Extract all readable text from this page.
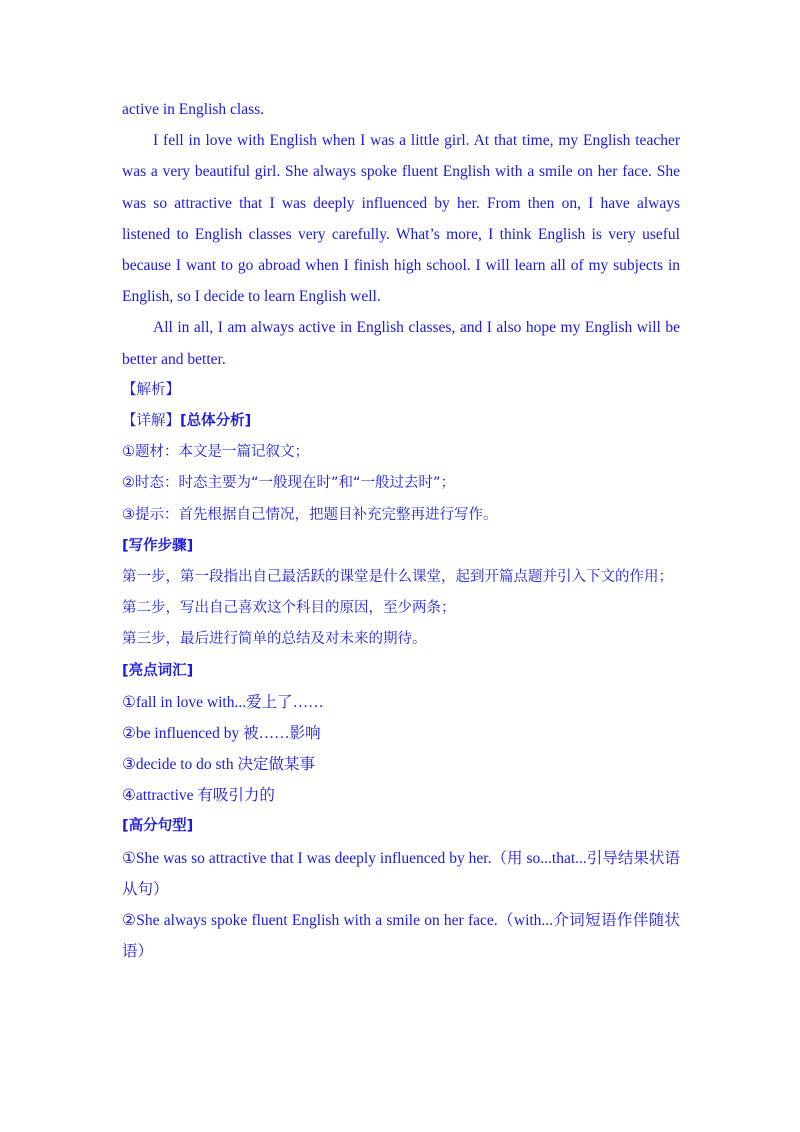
active in English class.
I fell in love with English when I was a little girl. At that time, my English teacher was a very beautiful girl. She always spoke fluent English with a smile on her face. She was so attractive that I was deeply influenced by her. From then on, I have always listened to English classes very carefully. What’s more, I think English is very useful because I want to go abroad when I finish high school. I will learn all of my subjects in English, so I decide to learn English well.
All in all, I am always active in English classes, and I also hope my English will be better and better.
【解析】
【详解】[总体分析]
①题材：本文是一篇记叙文；
②时态：时态主要为“一般现在时”和“一般过去时”；
③提示：首先根据自己情况，把题目补充完整再进行写作。
[写作步骤]
第一步，第一段指出自己最活跃的课堂是什么课堂，起到开篇点题并引入下文的作用；
第二步，写出自己喜欢这个科目的原因，至少两条；
第三步，最后进行简单的总结及对未来的期待。
[亮点词汇]
①fall in love with...爱上了……
②be influenced by 被……影响
③decide to do sth 决定做某事
④attractive 有吸引力的
[高分句型]
①She was so attractive that I was deeply influenced by her.（用 so...that...引导结果状语从句）
②She always spoke fluent English with a smile on her face.（with...介词短语作伴随状语）
